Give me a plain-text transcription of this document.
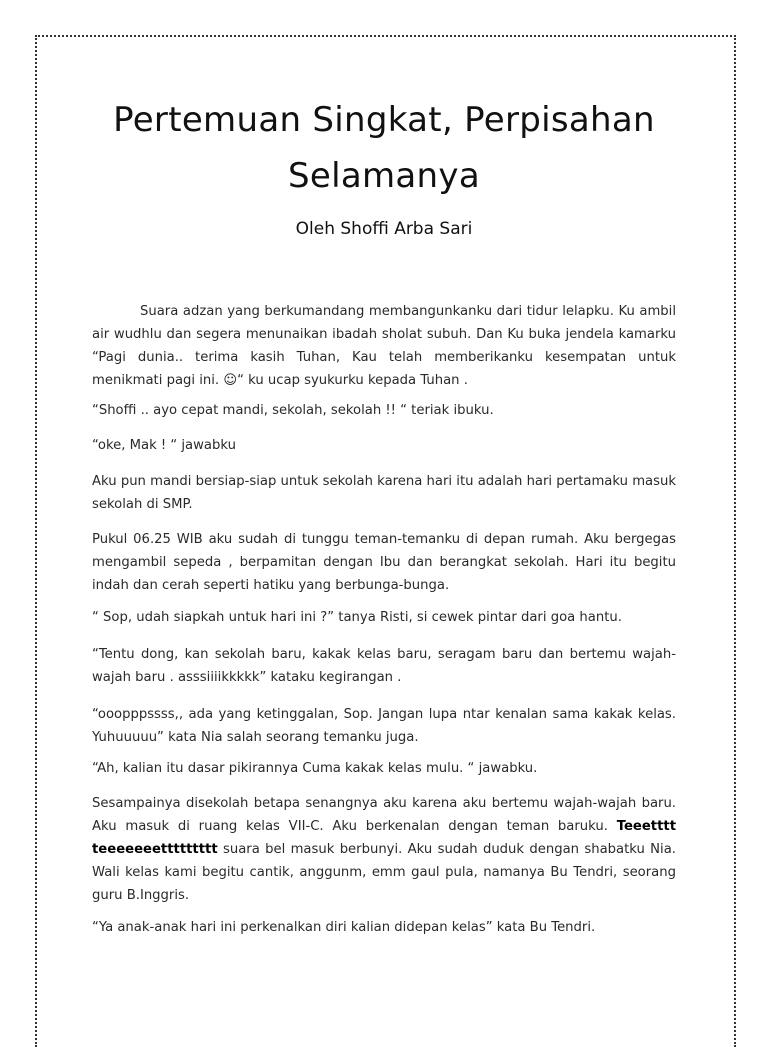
Pertemuan Singkat, Perpisahan Selamanya
Oleh Shoffi Arba Sari

Suara adzan yang berkumandang membangunkanku dari tidur lelapku. Ku ambil air wudhlu dan segera menunaikan ibadah sholat subuh. Dan Ku buka jendela kamarku “Pagi dunia.. terima kasih Tuhan, Kau telah memberikanku kesempatan untuk menikmati pagi ini. ☺“ ku ucap syukurku kepada Tuhan .

“Shoffi .. ayo cepat mandi, sekolah, sekolah !! “ teriak ibuku.

“oke, Mak ! “ jawabku

Aku pun mandi bersiap-siap untuk sekolah karena hari itu adalah hari pertamaku masuk sekolah di SMP.

Pukul 06.25 WIB aku sudah di tunggu teman-temanku di depan rumah. Aku bergegas mengambil sepeda , berpamitan dengan Ibu dan berangkat sekolah. Hari itu begitu indah dan cerah seperti hatiku yang berbunga-bunga.

“ Sop, udah siapkah untuk hari ini ?” tanya Risti, si cewek pintar dari goa hantu.

“Tentu dong, kan sekolah baru, kakak kelas baru, seragam baru dan bertemu wajah-wajah baru . asssiiiikkkkk” kataku kegirangan .

“ooopppssss,, ada yang ketinggalan, Sop. Jangan lupa ntar kenalan sama kakak kelas. Yuhuuuuu” kata Nia salah seorang temanku juga.

“Ah, kalian itu dasar pikirannya Cuma kakak kelas mulu. “ jawabku.

Sesampainya disekolah betapa senangnya aku karena aku bertemu wajah-wajah baru. Aku masuk di ruang kelas VII-C. Aku berkenalan dengan teman baruku. Teeetttt teeeeeeettttttttt suara bel masuk berbunyi. Aku sudah duduk dengan shabatku Nia. Wali kelas kami begitu cantik, anggunm, emm gaul pula, namanya Bu Tendri, seorang guru B.Inggris.

“Ya anak-anak hari ini perkenalkan diri kalian didepan kelas” kata Bu Tendri.
